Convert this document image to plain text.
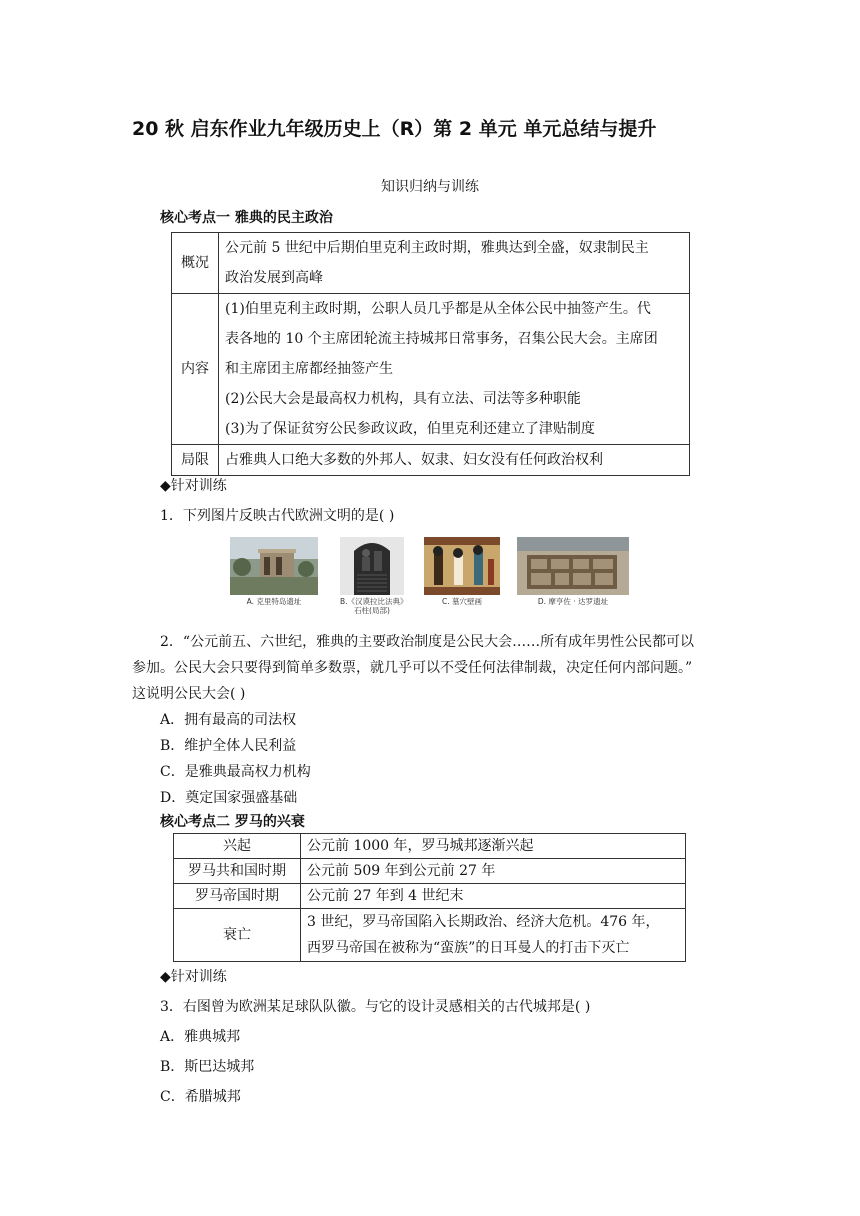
20 秋 启东作业九年级历史上（R）第 2 单元 单元总结与提升
知识归纳与训练
核心考点一 雅典的民主政治
概况	公元前 5 世纪中后期伯里克利主政时期，雅典达到全盛，奴隶制民主

政治发展到高峰

内容	(1)伯里克利主政时期，公职人员几乎都是从全体公民中抽签产生。代

表各地的 10 个主席团轮流主持城邦日常事务，召集公民大会。主席团

和主席团主席都经抽签产生

(2)公民大会是最高权力机构，具有立法、司法等多种职能

(3)为了保证贫穷公民参政议政，伯里克利还建立了津贴制度

局限	占雅典人口绝大多数的外邦人、奴隶、妇女没有任何政治权利
◆针对训练
1．下列图片反映古代欧洲文明的是( )
A. 克里特岛遗址	B.《汉谟拉比法典》
石柱(局部)
C. 墓穴壁画	D. 摩亨佐 · 达罗遗址
2．“公元前五、六世纪，雅典的主要政治制度是公民大会……所有成年男性公民都可以
参加。公民大会只要得到简单多数票，就几乎可以不受任何法律制裁，决定任何内部问题。”
这说明公民大会( )
A．拥有最高的司法权
B．维护全体人民利益
C．是雅典最高权力机构
D．奠定国家强盛基础
核心考点二 罗马的兴衰
兴起	公元前 1000 年，罗马城邦逐渐兴起
罗马共和国时期	公元前 509 年到公元前 27 年
罗马帝国时期	公元前 27 年到 4 世纪末
衰亡	3 世纪，罗马帝国陷入长期政治、经济大危机。476 年，

西罗马帝国在被称为“蛮族”的日耳曼人的打击下灭亡

◆针对训练
3．右图曾为欧洲某足球队队徽。与它的设计灵感相关的古代城邦是( )
A．雅典城邦
B．斯巴达城邦
C．希腊城邦
